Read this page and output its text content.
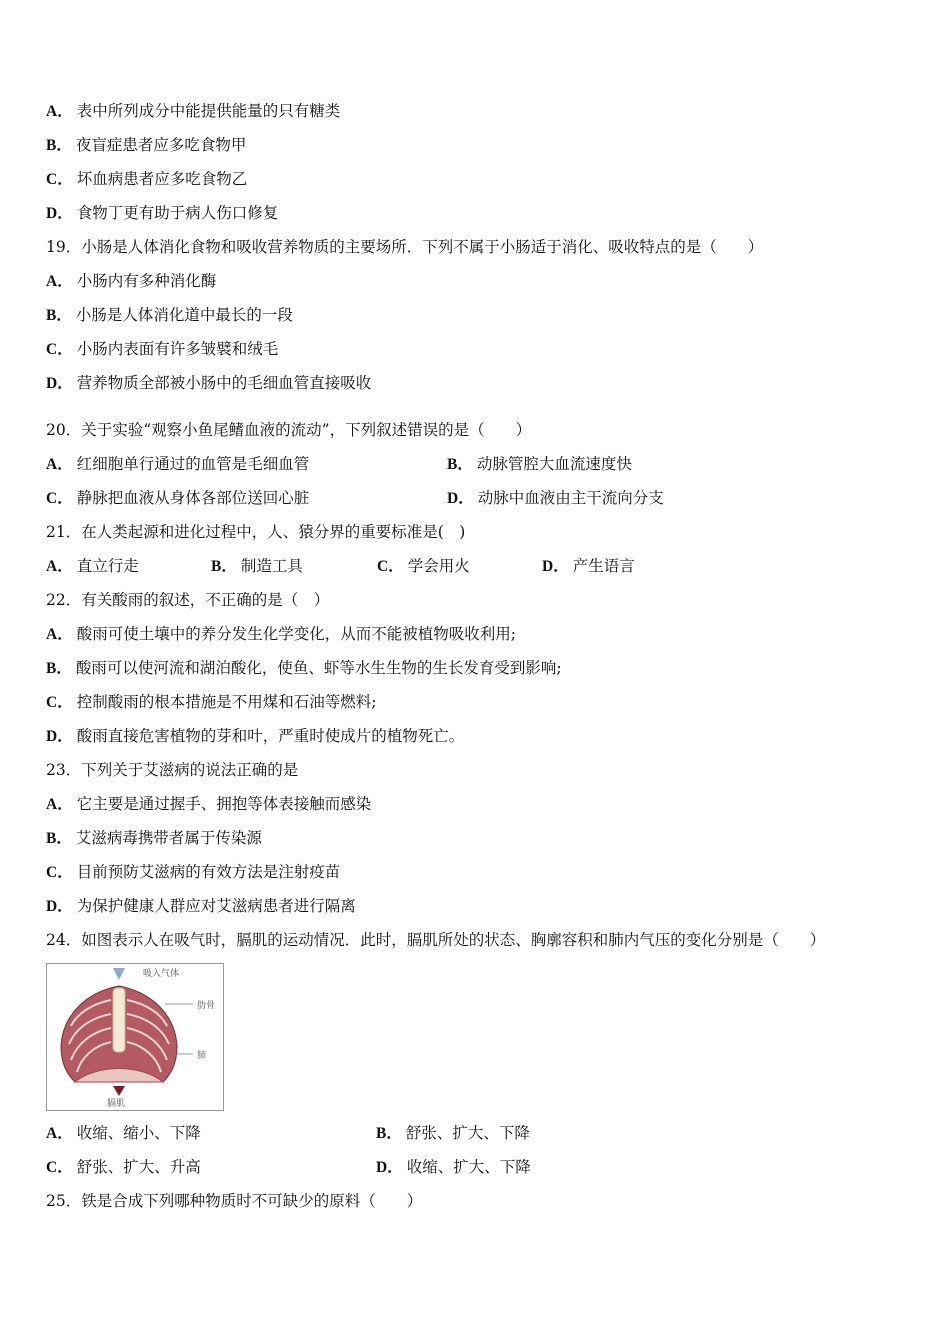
A． 表中所列成分中能提供能量的只有糖类
B． 夜盲症患者应多吃食物甲
C． 坏血病患者应多吃食物乙
D． 食物丁更有助于病人伤口修复
19．小肠是人体消化食物和吸收营养物质的主要场所．下列不属于小肠适于消化、吸收特点的是（　　）
A． 小肠内有多种消化酶
B． 小肠是人体消化道中最长的一段
C． 小肠内表面有许多皱襞和绒毛
D． 营养物质全部被小肠中的毛细血管直接吸收
20．关于实验“观察小鱼尾鳍血液的流动”，下列叙述错误的是（　　）
A． 红细胞单行通过的血管是毛细血管	B． 动脉管腔大血流速度快
C． 静脉把血液从身体各部位送回心脏	D． 动脉中血液由主干流向分支
21．在人类起源和进化过程中，人、猿分界的重要标准是(　)
A． 直立行走	B． 制造工具	C． 学会用火	D． 产生语言
22．有关酸雨的叙述，不正确的是（　）
A． 酸雨可使土壤中的养分发生化学变化，从而不能被植物吸收利用;
B． 酸雨可以使河流和湖泊酸化，使鱼、虾等水生生物的生长发育受到影响;
C． 控制酸雨的根本措施是不用煤和石油等燃料;
D． 酸雨直接危害植物的芽和叶，严重时使成片的植物死亡。
23．下列关于艾滋病的说法正确的是
A． 它主要是通过握手、拥抱等体表接触而感染
B． 艾滋病毒携带者属于传染源
C． 目前预防艾滋病的有效方法是注射疫苗
D． 为保护健康人群应对艾滋病患者进行隔离
24．如图表示人在吸气时，膈肌的运动情况．此时，膈肌所处的状态、胸廓容积和肺内气压的变化分别是（　　）
吸入气体
肋骨
肺
膈肌
A． 收缩、缩小、下降	B． 舒张、扩大、下降
C． 舒张、扩大、升高	D． 收缩、扩大、下降
25．铁是合成下列哪种物质时不可缺少的原料（　　）
